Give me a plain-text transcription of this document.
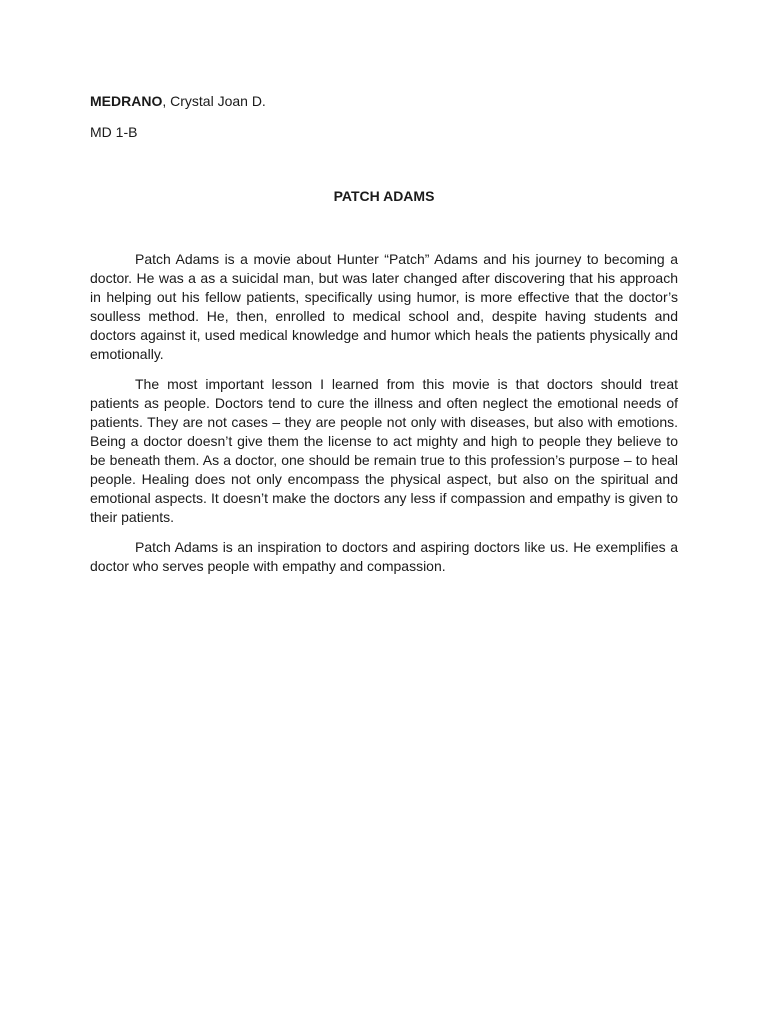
MEDRANO, Crystal Joan D.
MD 1-B
PATCH ADAMS

Patch Adams is a movie about Hunter “Patch” Adams and his journey to becoming a doctor. He was a as a suicidal man, but was later changed after discovering that his approach in helping out his fellow patients, specifically using humor, is more effective that the doctor’s soulless method. He, then, enrolled to medical school and, despite having students and doctors against it, used medical knowledge and humor which heals the patients physically and emotionally.

The most important lesson I learned from this movie is that doctors should treat patients as people. Doctors tend to cure the illness and often neglect the emotional needs of patients. They are not cases – they are people not only with diseases, but also with emotions. Being a doctor doesn’t give them the license to act mighty and high to people they believe to be beneath them. As a doctor, one should be remain true to this profession’s purpose – to heal people. Healing does not only encompass the physical aspect, but also on the spiritual and emotional aspects. It doesn’t make the doctors any less if compassion and empathy is given to their patients.

Patch Adams is an inspiration to doctors and aspiring doctors like us. He exemplifies a doctor who serves people with empathy and compassion.
